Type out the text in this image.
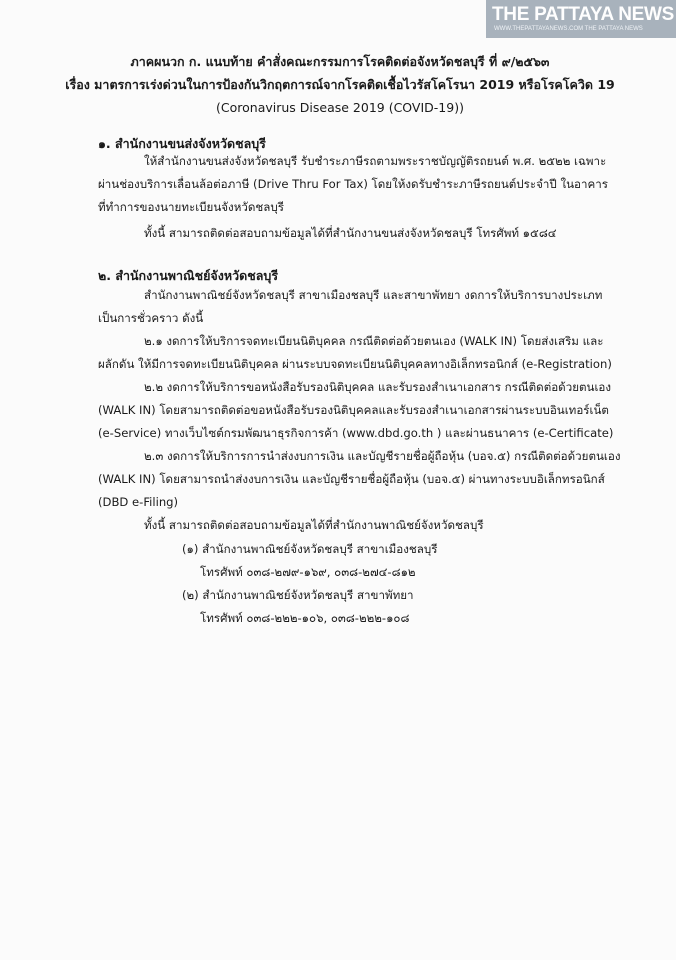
THE PATTAYA NEWS
WWW.THEPATTAYANEWS.COM THE PATTAYA NEWS
ภาคผนวก ก. แนบท้าย คำสั่งคณะกรรมการโรคติดต่อจังหวัดชลบุรี ที่ ๙/๒๕๖๓
เรื่อง มาตรการเร่งด่วนในการป้องกันวิกฤตการณ์จากโรคติดเชื้อไวรัสโคโรนา 2019 หรือโรคโควิด 19
(Coronavirus Disease 2019 (COVID-19))
๑. สำนักงานขนส่งจังหวัดชลบุรี
ให้สำนักงานขนส่งจังหวัดชลบุรี รับชำระภาษีรถตามพระราชบัญญัติรถยนต์ พ.ศ. ๒๕๒๒ เฉพาะ
ผ่านช่องบริการเลื่อนล้อต่อภาษี (Drive Thru For Tax) โดยให้งดรับชำระภาษีรถยนต์ประจำปี ในอาคาร
ที่ทำการของนายทะเบียนจังหวัดชลบุรี
ทั้งนี้ สามารถติดต่อสอบถามข้อมูลได้ที่สำนักงานขนส่งจังหวัดชลบุรี โทรศัพท์ ๑๕๘๔
๒. สำนักงานพาณิชย์จังหวัดชลบุรี
สำนักงานพาณิชย์จังหวัดชลบุรี สาขาเมืองชลบุรี และสาขาพัทยา งดการให้บริการบางประเภท
เป็นการชั่วคราว ดังนี้
๒.๑ งดการให้บริการจดทะเบียนนิติบุคคล กรณีติดต่อด้วยตนเอง (WALK IN) โดยส่งเสริม และ
ผลักดัน ให้มีการจดทะเบียนนิติบุคคล ผ่านระบบจดทะเบียนนิติบุคคลทางอิเล็กทรอนิกส์ (e-Registration)
๒.๒ งดการให้บริการขอหนังสือรับรองนิติบุคคล และรับรองสำเนาเอกสาร กรณีติดต่อด้วยตนเอง
(WALK IN) โดยสามารถติดต่อขอหนังสือรับรองนิติบุคคลและรับรองสำเนาเอกสารผ่านระบบอินเทอร์เน็ต
(e-Service) ทางเว็บไซต์กรมพัฒนาธุรกิจการค้า (www.dbd.go.th ) และผ่านธนาคาร (e-Certificate)
๒.๓ งดการให้บริการการนำส่งงบการเงิน และบัญชีรายชื่อผู้ถือหุ้น (บอจ.๕) กรณีติดต่อด้วยตนเอง
(WALK IN) โดยสามารถนำส่งงบการเงิน และบัญชีรายชื่อผู้ถือหุ้น (บอจ.๕) ผ่านทางระบบอิเล็กทรอนิกส์
(DBD e-Filing)
ทั้งนี้ สามารถติดต่อสอบถามข้อมูลได้ที่สำนักงานพาณิชย์จังหวัดชลบุรี
(๑) สำนักงานพาณิชย์จังหวัดชลบุรี สาขาเมืองชลบุรี
โทรศัพท์ ๐๓๘-๒๗๙-๑๖๙, ๐๓๘-๒๗๔-๘๑๒
(๒) สำนักงานพาณิชย์จังหวัดชลบุรี สาขาพัทยา
โทรศัพท์ ๐๓๘-๒๒๒-๑๐๖, ๐๓๘-๒๒๒-๑๐๘
